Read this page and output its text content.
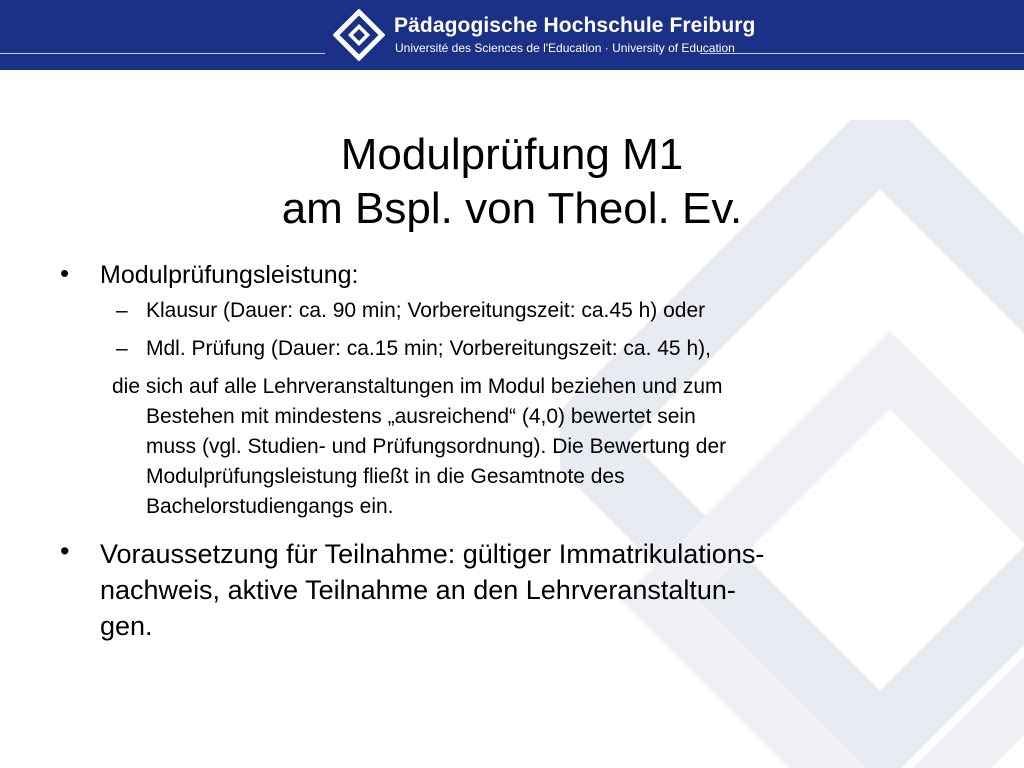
Pädagogische Hochschule Freiburg
Université des Sciences de l'Education · University of Education
Modulprüfung M1
am Bspl. von Theol. Ev.
• Modulprüfungsleistung:
– Klausur (Dauer: ca. 90 min; Vorbereitungszeit: ca.45 h) oder
– Mdl. Prüfung (Dauer: ca.15 min; Vorbereitungszeit: ca. 45 h),
die sich auf alle Lehrveranstaltungen im Modul beziehen und zum
Bestehen mit mindestens „ausreichend“ (4,0) bewertet sein
muss (vgl. Studien- und Prüfungsordnung). Die Bewertung der
Modulprüfungsleistung fließt in die Gesamtnote des
Bachelorstudiengangs ein.
• Voraussetzung für Teilnahme: gültiger Immatrikulations-
nachweis, aktive Teilnahme an den Lehrveranstaltun-
gen.
